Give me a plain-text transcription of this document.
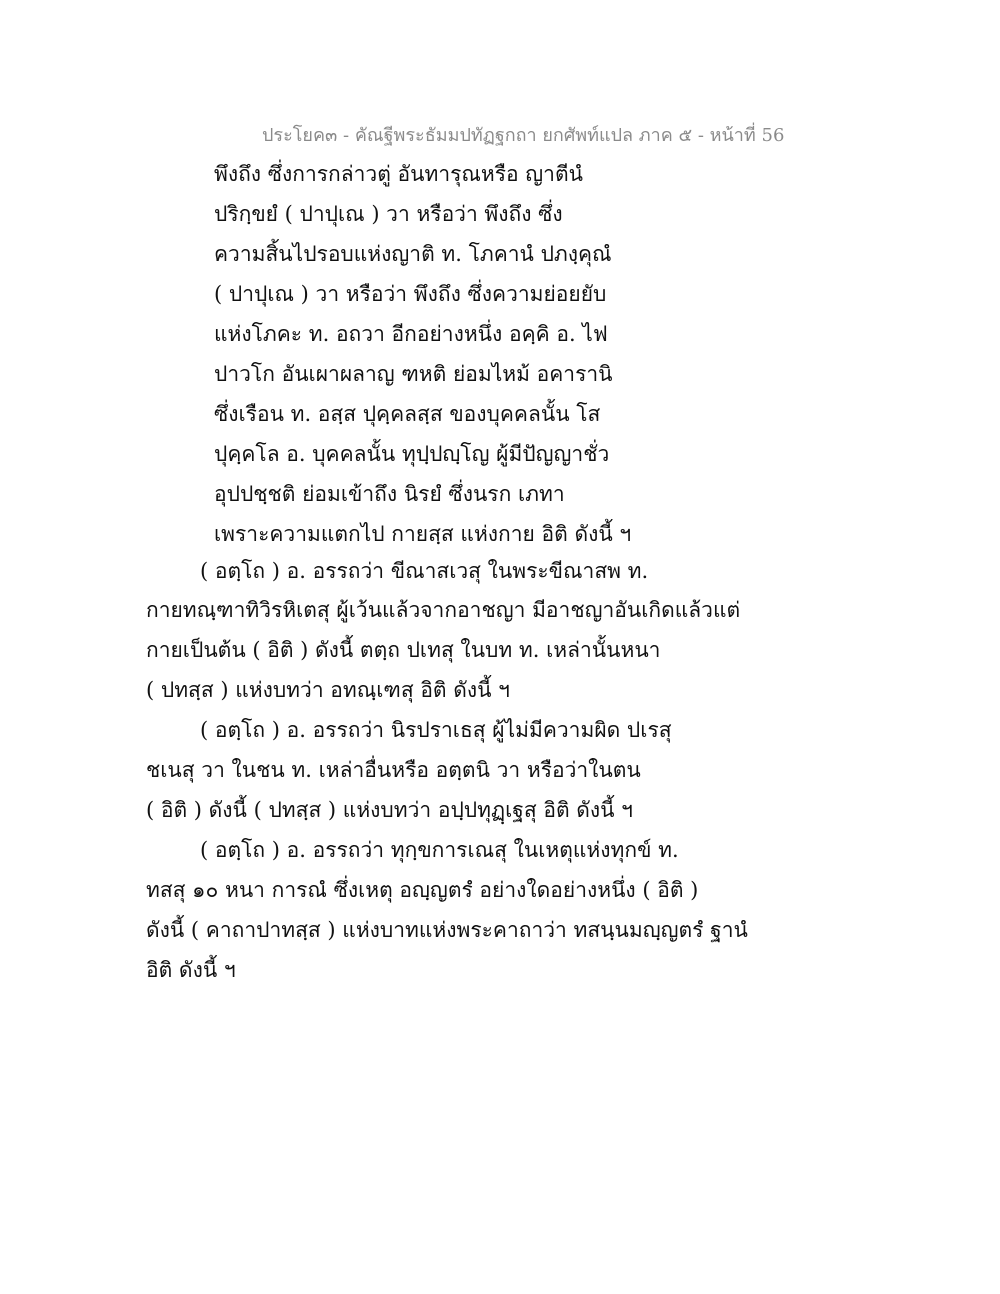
ประโยค๓ - คัณฐีพระธัมมปทัฏฐกถา ยกศัพท์แปล ภาค ๕ - หน้าที่ 56
พึงถึง ซึ่งการกล่าวตู่ อันทารุณหรือ ญาตีนํ
ปริกฺขยํ ( ปาปุเณ ) วา หรือว่า พึงถึง ซึ่ง
ความสิ้นไปรอบแห่งญาติ ท. โภคานํ ปภงฺคุณํ
( ปาปุเณ ) วา หรือว่า พึงถึง ซึ่งความย่อยยับ
แห่งโภคะ ท. อถวา อีกอย่างหนึ่ง อคฺคิ อ. ไฟ
ปาวโก อันเผาผลาญ ฑหติ ย่อมไหม้ อคารานิ
ซึ่งเรือน ท. อสฺส ปุคฺคลสฺส ของบุคคลนั้น โส
ปุคฺคโล อ. บุคคลนั้น ทุปฺปญฺโญ ผู้มีปัญญาชั่ว
อุปปชฺชติ ย่อมเข้าถึง นิรยํ ซึ่งนรก เภทา
เพราะความแตกไป กายสฺส แห่งกาย อิติ ดังนี้ ฯ
( อตฺโถ ) อ. อรรถว่า ขีณาสเวสุ ในพระขีณาสพ ท.
กายทณฺฑาทิวิรหิเตสุ ผู้เว้นแล้วจากอาชญา มีอาชญาอันเกิดแล้วแต่
กายเป็นต้น ( อิติ ) ดังนี้ ตตฺถ ปเทสุ ในบท ท. เหล่านั้นหนา
( ปทสฺส ) แห่งบทว่า อทณฺเฑสุ อิติ ดังนี้ ฯ
( อตฺโถ ) อ. อรรถว่า นิรปราเธสุ ผู้ไม่มีความผิด ปเรสุ
ชเนสุ วา ในชน ท. เหล่าอื่นหรือ อตฺตนิ วา หรือว่าในตน
( อิติ ) ดังนี้ ( ปทสฺส ) แห่งบทว่า อปฺปทุฏฺเฐสุ อิติ ดังนี้ ฯ
( อตฺโถ ) อ. อรรถว่า ทุกฺขการเณสุ ในเหตุแห่งทุกข์ ท.
ทสสุ ๑๐ หนา การณํ ซึ่งเหตุ อญฺญตรํ อย่างใดอย่างหนึ่ง ( อิติ )
ดังนี้ ( คาถาปาทสฺส ) แห่งบาทแห่งพระคาถาว่า ทสนฺนมญฺญตรํ ฐานํ
อิติ ดังนี้ ฯ
